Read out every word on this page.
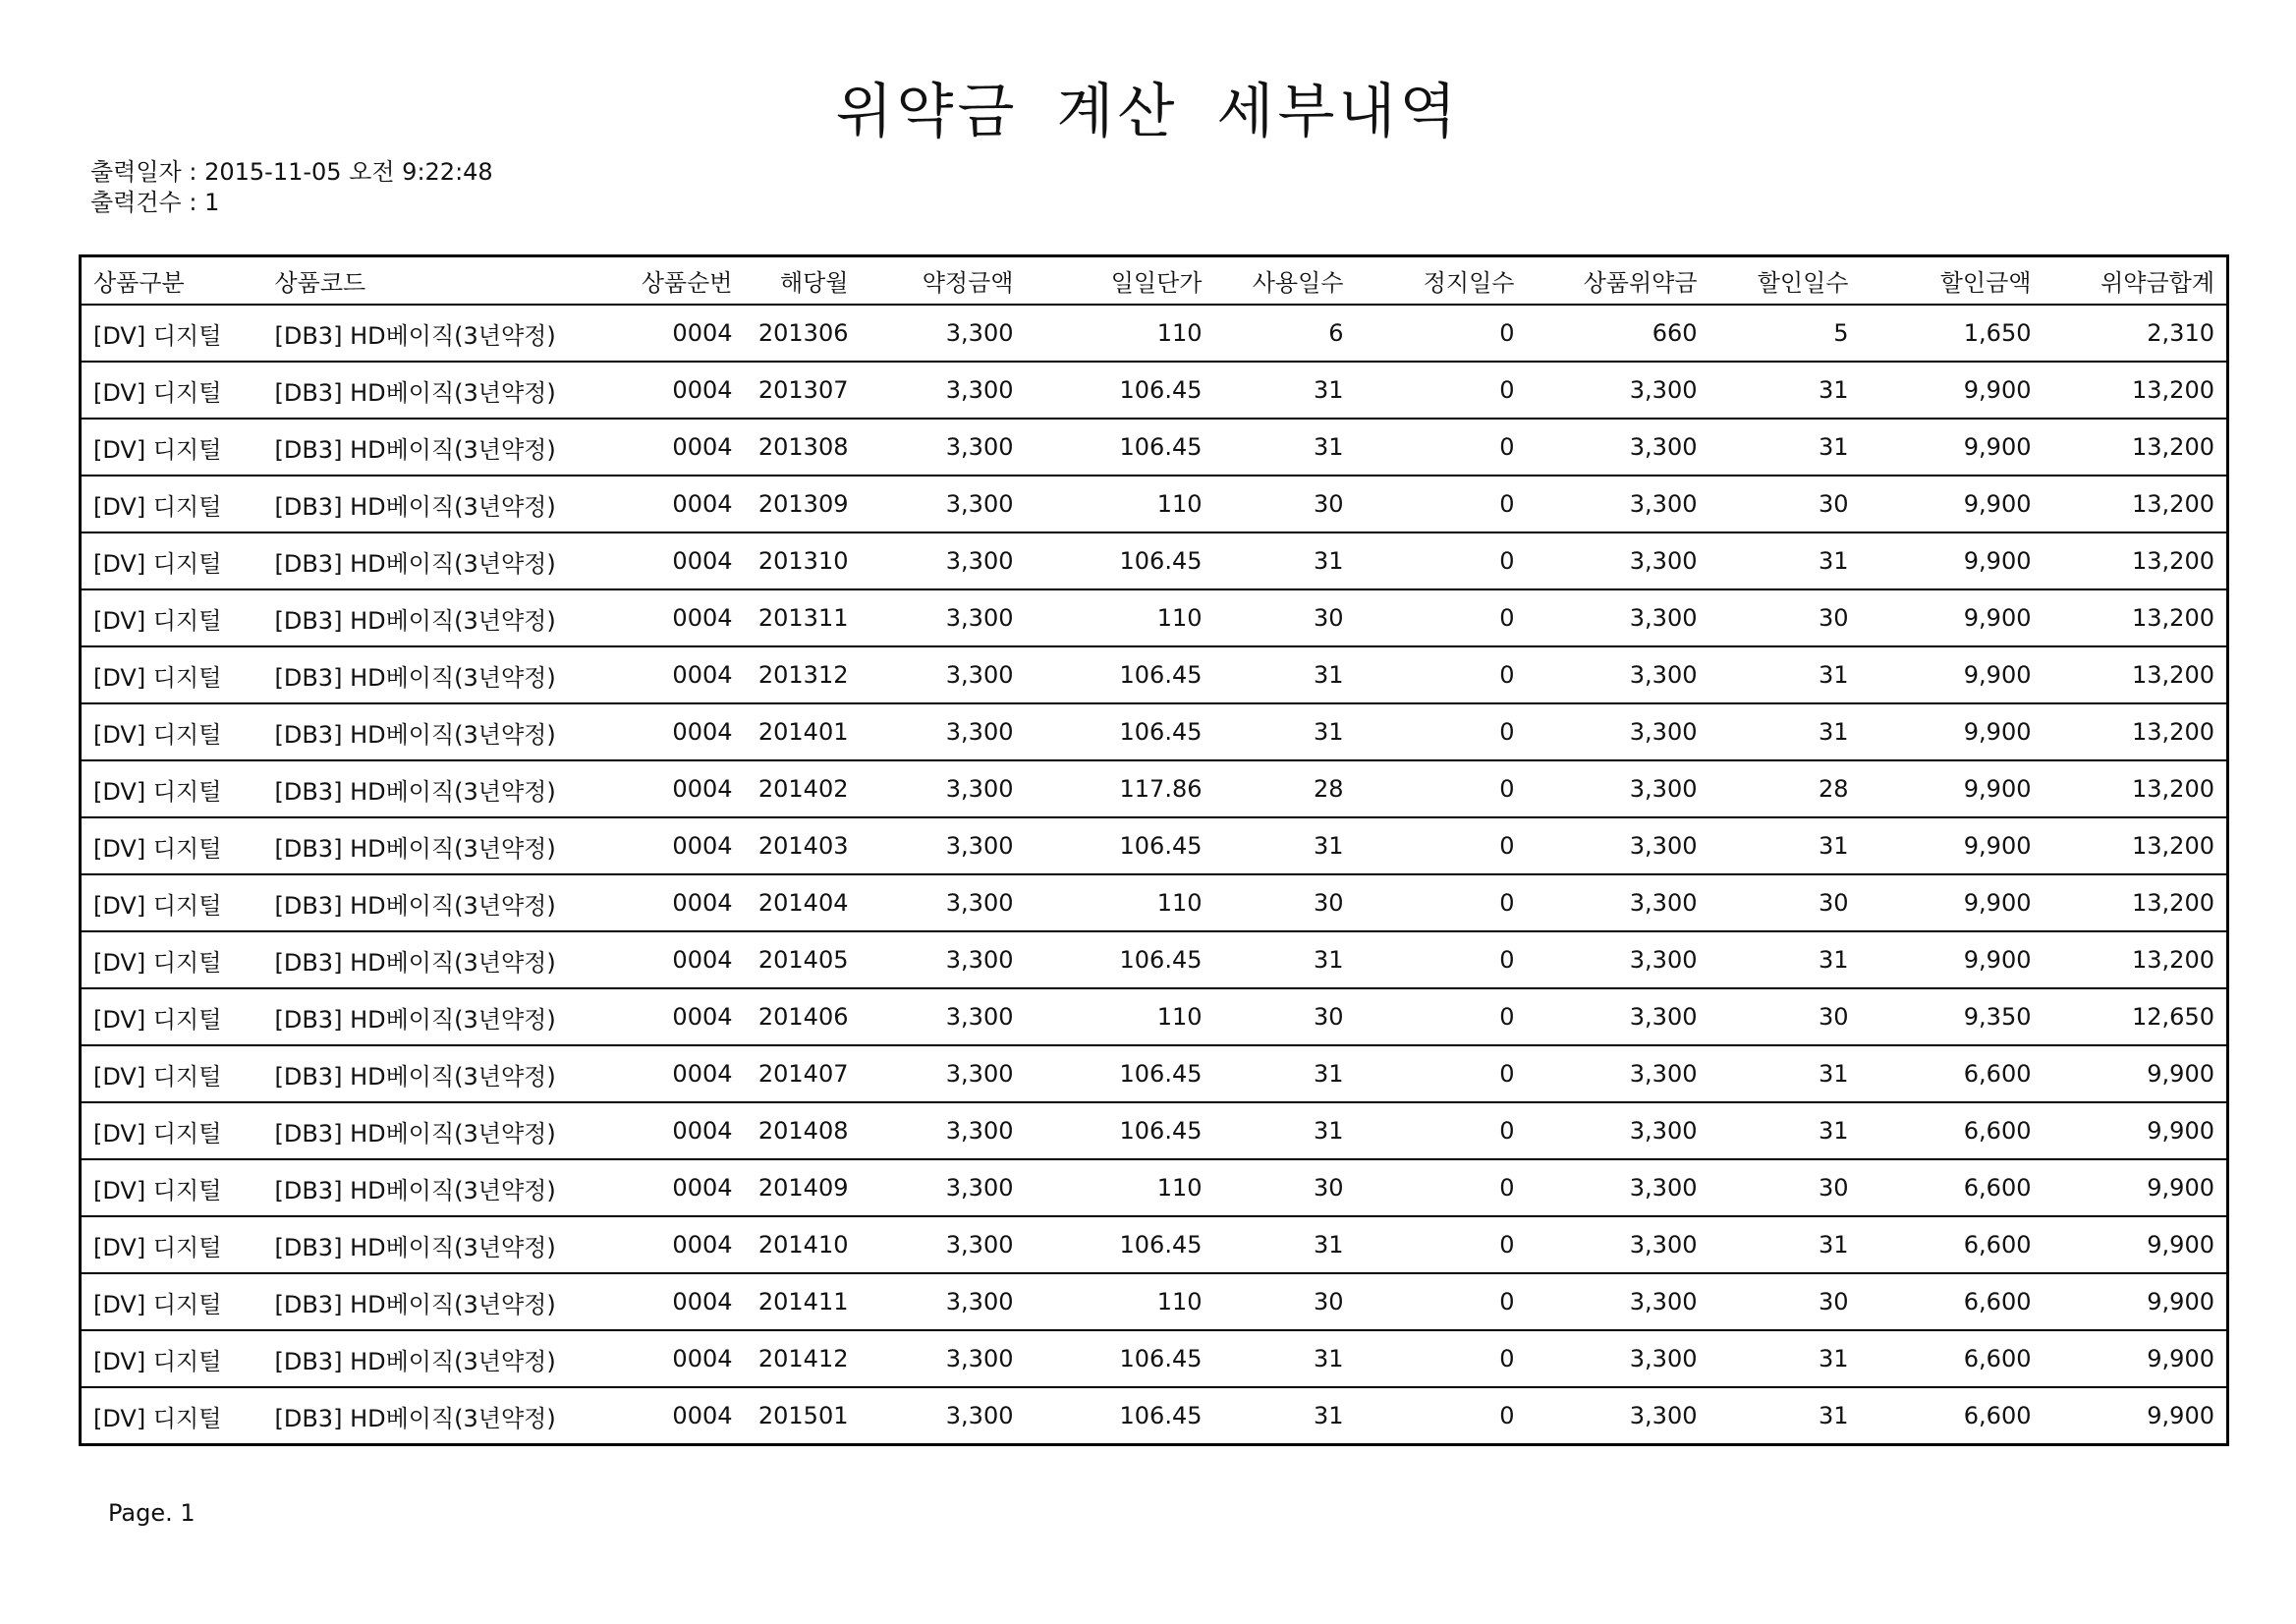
위약금 계산 세부내역
출력일자 : 2015-11-05 오전 9:22:48
출력건수 : 1
상품구분	상품코드	상품순번	해당월	약정금액	일일단가	사용일수	정지일수	상품위약금	할인일수	할인금액	위약금합계
[DV] 디지털	[DB3] HD베이직(3년약정)	0004	201306	3,300	110	6	0	660	5	1,650	2,310
[DV] 디지털	[DB3] HD베이직(3년약정)	0004	201307	3,300	106.45	31	0	3,300	31	9,900	13,200
[DV] 디지털	[DB3] HD베이직(3년약정)	0004	201308	3,300	106.45	31	0	3,300	31	9,900	13,200
[DV] 디지털	[DB3] HD베이직(3년약정)	0004	201309	3,300	110	30	0	3,300	30	9,900	13,200
[DV] 디지털	[DB3] HD베이직(3년약정)	0004	201310	3,300	106.45	31	0	3,300	31	9,900	13,200
[DV] 디지털	[DB3] HD베이직(3년약정)	0004	201311	3,300	110	30	0	3,300	30	9,900	13,200
[DV] 디지털	[DB3] HD베이직(3년약정)	0004	201312	3,300	106.45	31	0	3,300	31	9,900	13,200
[DV] 디지털	[DB3] HD베이직(3년약정)	0004	201401	3,300	106.45	31	0	3,300	31	9,900	13,200
[DV] 디지털	[DB3] HD베이직(3년약정)	0004	201402	3,300	117.86	28	0	3,300	28	9,900	13,200
[DV] 디지털	[DB3] HD베이직(3년약정)	0004	201403	3,300	106.45	31	0	3,300	31	9,900	13,200
[DV] 디지털	[DB3] HD베이직(3년약정)	0004	201404	3,300	110	30	0	3,300	30	9,900	13,200
[DV] 디지털	[DB3] HD베이직(3년약정)	0004	201405	3,300	106.45	31	0	3,300	31	9,900	13,200
[DV] 디지털	[DB3] HD베이직(3년약정)	0004	201406	3,300	110	30	0	3,300	30	9,350	12,650
[DV] 디지털	[DB3] HD베이직(3년약정)	0004	201407	3,300	106.45	31	0	3,300	31	6,600	9,900
[DV] 디지털	[DB3] HD베이직(3년약정)	0004	201408	3,300	106.45	31	0	3,300	31	6,600	9,900
[DV] 디지털	[DB3] HD베이직(3년약정)	0004	201409	3,300	110	30	0	3,300	30	6,600	9,900
[DV] 디지털	[DB3] HD베이직(3년약정)	0004	201410	3,300	106.45	31	0	3,300	31	6,600	9,900
[DV] 디지털	[DB3] HD베이직(3년약정)	0004	201411	3,300	110	30	0	3,300	30	6,600	9,900
[DV] 디지털	[DB3] HD베이직(3년약정)	0004	201412	3,300	106.45	31	0	3,300	31	6,600	9,900
[DV] 디지털	[DB3] HD베이직(3년약정)	0004	201501	3,300	106.45	31	0	3,300	31	6,600	9,900
Page. 1
